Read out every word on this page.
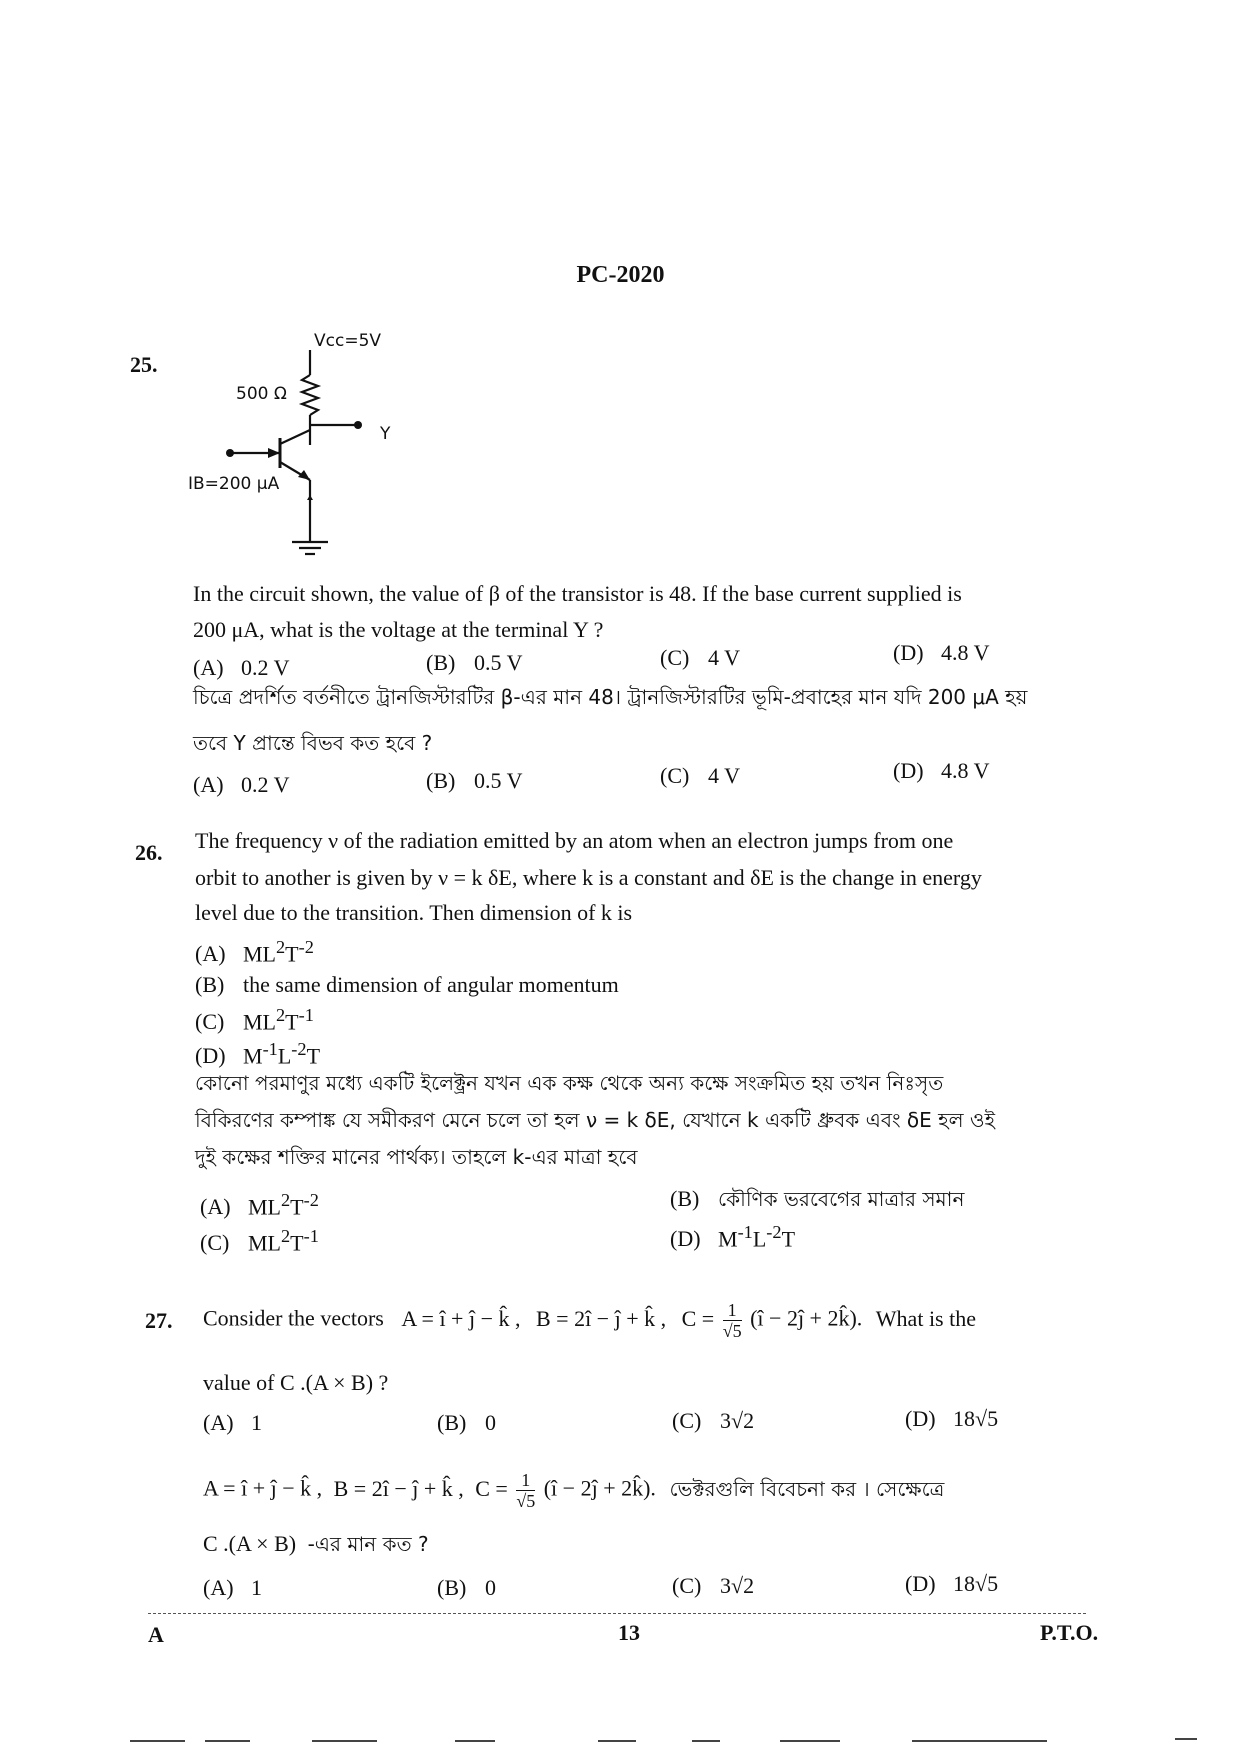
PC-2020
25.
Vᴄᴄ=5V
500 Ω
Y
IB=200 μA
In the circuit shown, the value of β of the transistor is 48. If the base current supplied is
200 μA, what is the voltage at the terminal Y ?
(A) 0.2 V	(B) 0.5 V	(C) 4 V	(D) 4.8 V
চিত্রে প্রদর্শিত বর্তনীতে ট্রানজিস্টারটির β-এর মান 48। ট্রানজিস্টারটির ভূমি-প্রবাহের মান যদি 200 μA হয়
তবে Y প্রান্তে বিভব কত হবে ?
(A) 0.2 V	(B) 0.5 V	(C) 4 V	(D) 4.8 V
26. The frequency ν of the radiation emitted by an atom when an electron jumps from one
orbit to another is given by ν = k δE, where k is a constant and δE is the change in energy
level due to the transition. Then dimension of k is
(A) $ML^2T^{-2}$
(B) the same dimension of angular momentum
(C) $ML^2T^{-1}$
(D) $M^{-1}L^{-2}T$
কোনো পরমাণুর মধ্যে একটি ইলেক্ট্রন যখন এক কক্ষ থেকে অন্য কক্ষে সংক্রমিত হয় তখন নিঃসৃত
বিকিরণের কম্পাঙ্ক যে সমীকরণ মেনে চলে তা হল ν = k δE, যেখানে k একটি ধ্রুবক এবং δE হল ওই
দুই কক্ষের শক্তির মানের পার্থক্য। তাহলে k-এর মাত্রা হবে
(A) $ML^2T^{-2}$	(B) কৌণিক ভরবেগের মাত্রার সমান
(C) $ML^2T^{-1}$	(D) $M^{-1}L^{-2}T$
27. Consider the vectors A = î + ĵ − k̂ , B = 2î − ĵ + k̂ , $C = \frac{1}{√5}$ (î − 2ĵ + 2k̂). What is the
value of C .(A × B) ?
(A) 1	(B) 0	(C) 3√2	(D) 18√5
A = î + ĵ − k̂ , B = 2î − ĵ + k̂ , $C = \frac{1}{√5}$ (î − 2ĵ + 2k̂). ভেক্টরগুলি বিবেচনা কর । সেক্ষেত্রে
C .(A × B) -এর মান কত ?
(A) 1	(B) 0	(C) 3√2	(D) 18√5
A	13	P.T.O.
